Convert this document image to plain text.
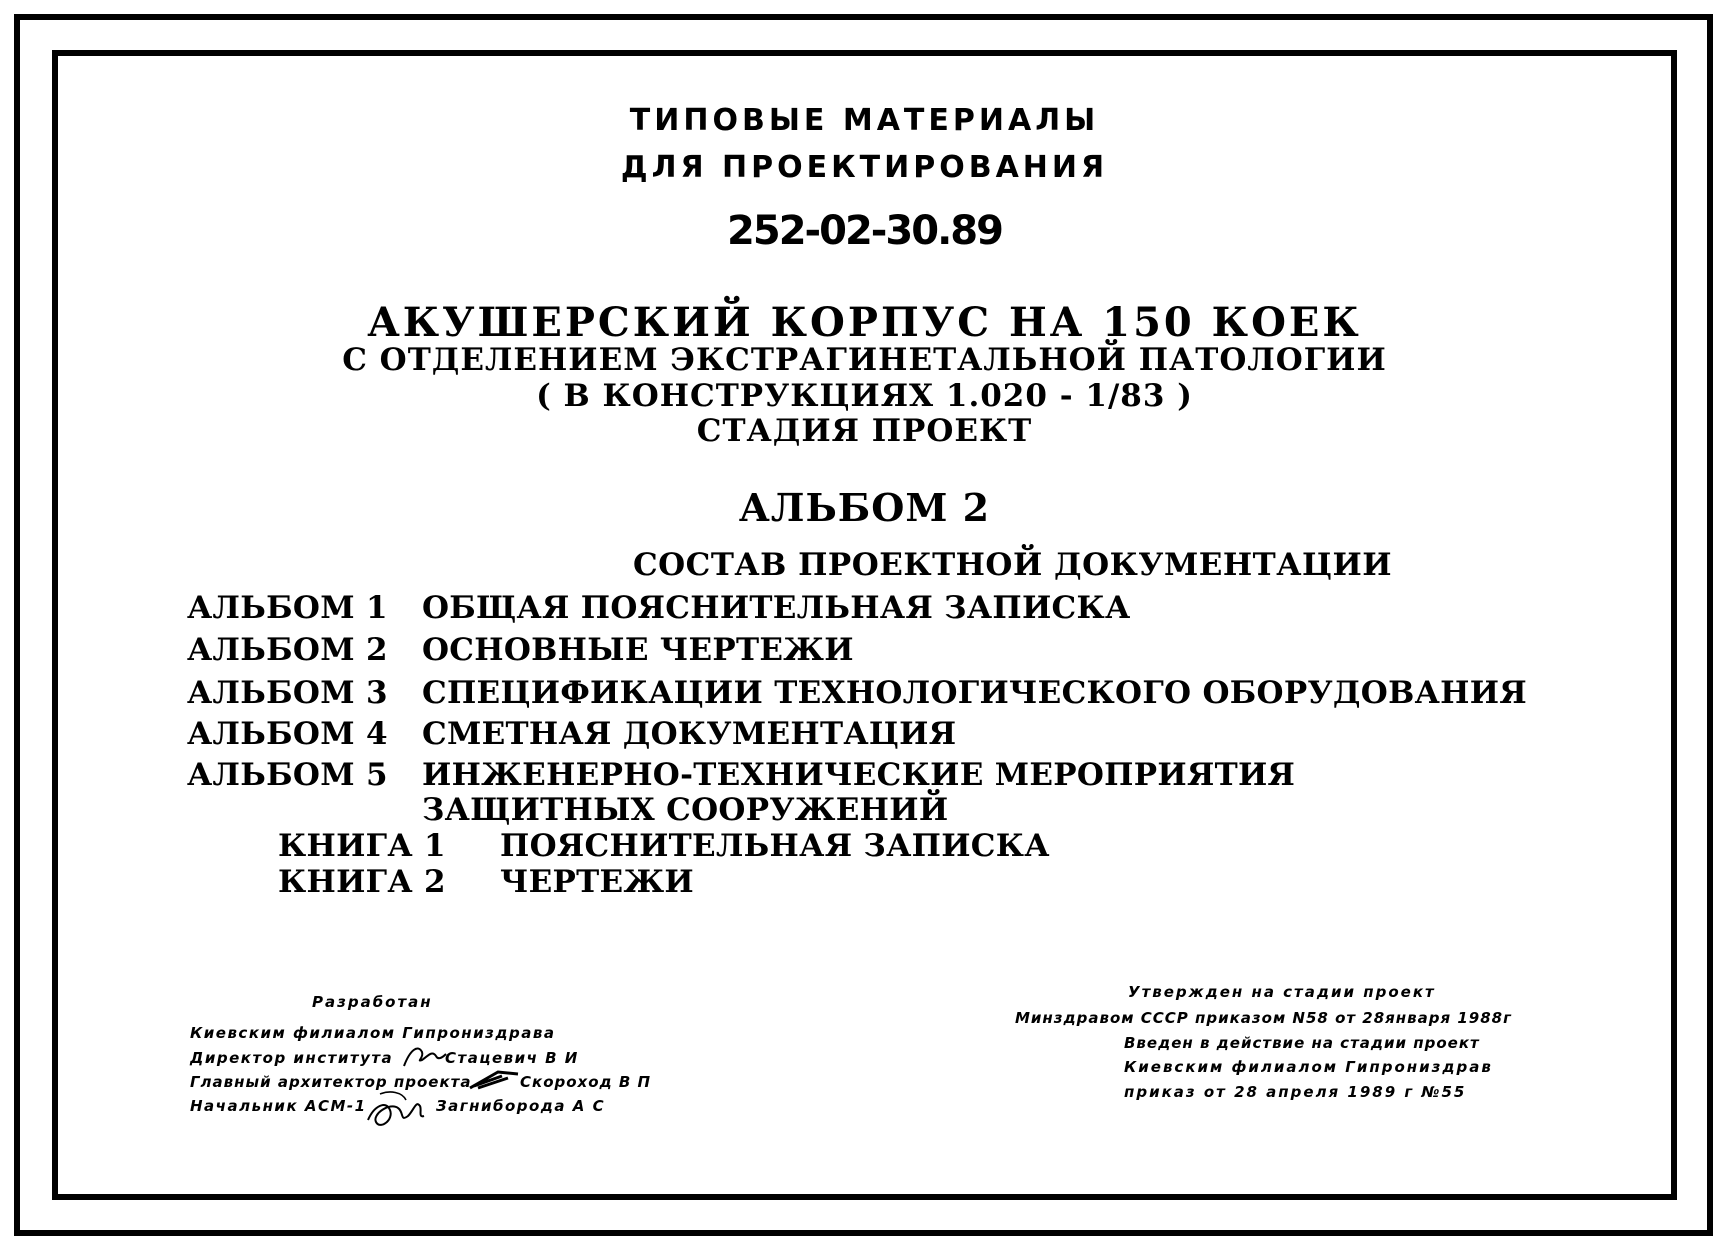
ТИПОВЫЕ МАТЕРИАЛЫ
ДЛЯ ПРОЕКТИРОВАНИЯ
252-02-30.89
АКУШЕРСКИЙ КОРПУС НА 150 КОЕК
С ОТДЕЛЕНИЕМ ЭКСТРАГИНЕТАЛЬНОЙ ПАТОЛОГИИ
( В КОНСТРУКЦИЯХ 1.020 - 1/83 )
СТАДИЯ ПРОЕКТ
АЛЬБОМ 2
СОСТАВ ПРОЕКТНОЙ ДОКУМЕНТАЦИИ
АЛЬБОМ 1 ОБЩАЯ ПОЯСНИТЕЛЬНАЯ ЗАПИСКА
АЛЬБОМ 2 ОСНОВНЫЕ ЧЕРТЕЖИ
АЛЬБОМ 3 СПЕЦИФИКАЦИИ ТЕХНОЛОГИЧЕСКОГО ОБОРУДОВАНИЯ
АЛЬБОМ 4 СМЕТНАЯ ДОКУМЕНТАЦИЯ
АЛЬБОМ 5 ИНЖЕНЕРНО-ТЕХНИЧЕСКИЕ МЕРОПРИЯТИЯ
ЗАЩИТНЫХ СООРУЖЕНИЙ
КНИГА 1 ПОЯСНИТЕЛЬНАЯ ЗАПИСКА
КНИГА 2 ЧЕРТЕЖИ
Разработан
Киевским филиалом Гипрониздрава
Директор института	Стацевич В И
Главный архитектор проекта	Скороход В П
Начальник АСМ-1	Загнибородa А С
Утвержден на стадии проект
Минздравом СССР приказом N58 от 28января 1988г
Введен в действие на стадии проект
Киевским филиалом Гипрониздрав
приказ от 28 апреля 1989 г №55
